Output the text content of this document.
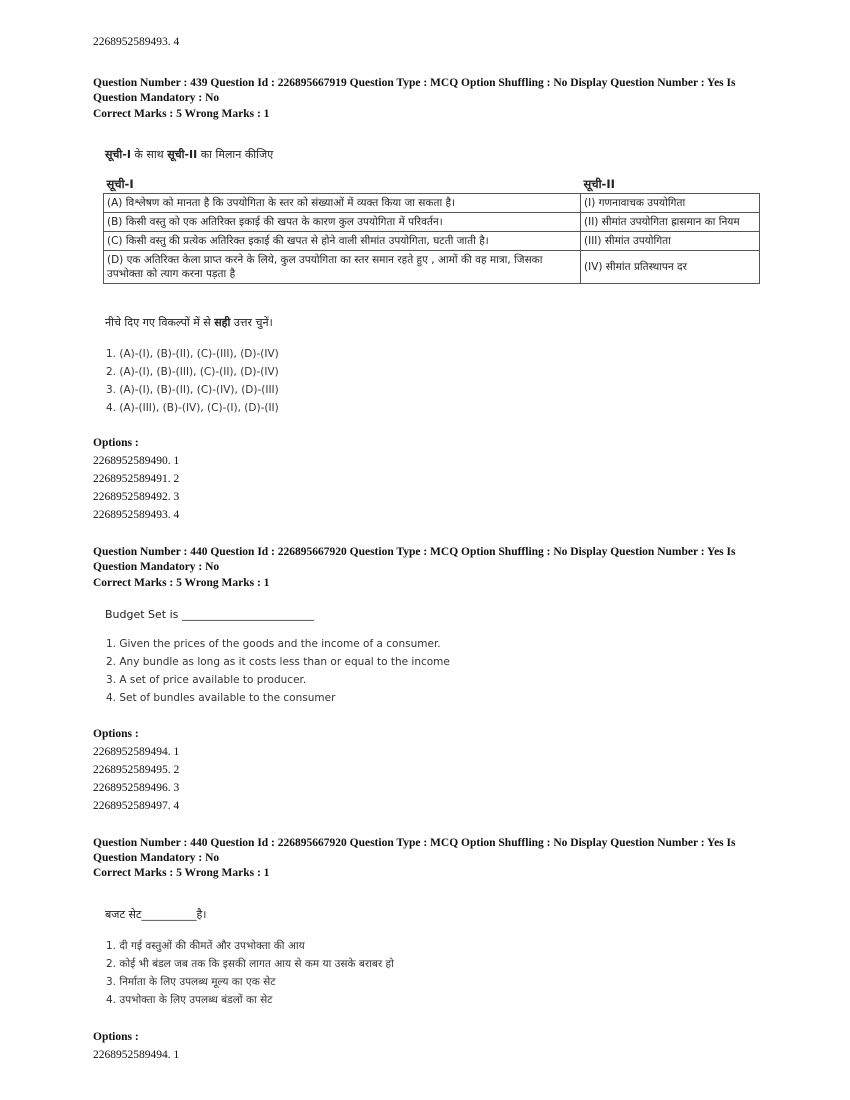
2268952589493. 4
Question Number : 439 Question Id : 226895667919 Question Type : MCQ Option Shuffling : No Display Question Number : Yes Is Question Mandatory : No
Correct Marks : 5 Wrong Marks : 1
सूची-I के साथ सूची-II का मिलान कीजिए
सूची-I	सूची-II
(A) विश्लेषण को मानता है कि उपयोगिता के स्तर को संख्याओं में व्यक्त किया जा सकता है।	(I) गणनावाचक उपयोगिता
(B) किसी वस्तु को एक अतिरिक्त इकाई की खपत के कारण कुल उपयोगिता में परिवर्तन।	(II) सीमांत उपयोगिता ह्रासमान का नियम
(C) किसी वस्तु की प्रत्येक अतिरिक्त इकाई की खपत से होने वाली सीमांत उपयोगिता, घटती जाती है।	(III) सीमांत उपयोगिता
(D) एक अतिरिक्त केला प्राप्त करने के लिये, कुल उपयोगिता का स्तर समान रहते हुए , आमों की वह मात्रा, जिसका उपभोक्ता को त्याग करना पड़ता है	(IV) सीमांत प्रतिस्थापन दर
नीचे दिए गए विकल्पों में से सही उत्तर चुनें।
1. (A)-(I), (B)-(II), (C)-(III), (D)-(IV)
2. (A)-(I), (B)-(III), (C)-(II), (D)-(IV)
3. (A)-(I), (B)-(II), (C)-(IV), (D)-(III)
4. (A)-(III), (B)-(IV), (C)-(I), (D)-(II)
Options :
2268952589490. 1
2268952589491. 2
2268952589492. 3
2268952589493. 4
Question Number : 440 Question Id : 226895667920 Question Type : MCQ Option Shuffling : No Display Question Number : Yes Is Question Mandatory : No
Correct Marks : 5 Wrong Marks : 1
Budget Set is ________________________
1. Given the prices of the goods and the income of a consumer.
2. Any bundle as long as it costs less than or equal to the income
3. A set of price available to producer.
4. Set of bundles available to the consumer
Options :
2268952589494. 1
2268952589495. 2
2268952589496. 3
2268952589497. 4
Question Number : 440 Question Id : 226895667920 Question Type : MCQ Option Shuffling : No Display Question Number : Yes Is Question Mandatory : No
Correct Marks : 5 Wrong Marks : 1
बजट सेट__________है।
1. दी गई वस्तुओं की कीमतें और उपभोक्ता की आय
2. कोई भी बंडल जब तक कि इसकी लागत आय से कम या उसके बराबर हो
3. निर्माता के लिए उपलब्ध मूल्य का एक सेट
4. उपभोक्ता के लिए उपलब्ध बंडलों का सेट
Options :
2268952589494. 1
